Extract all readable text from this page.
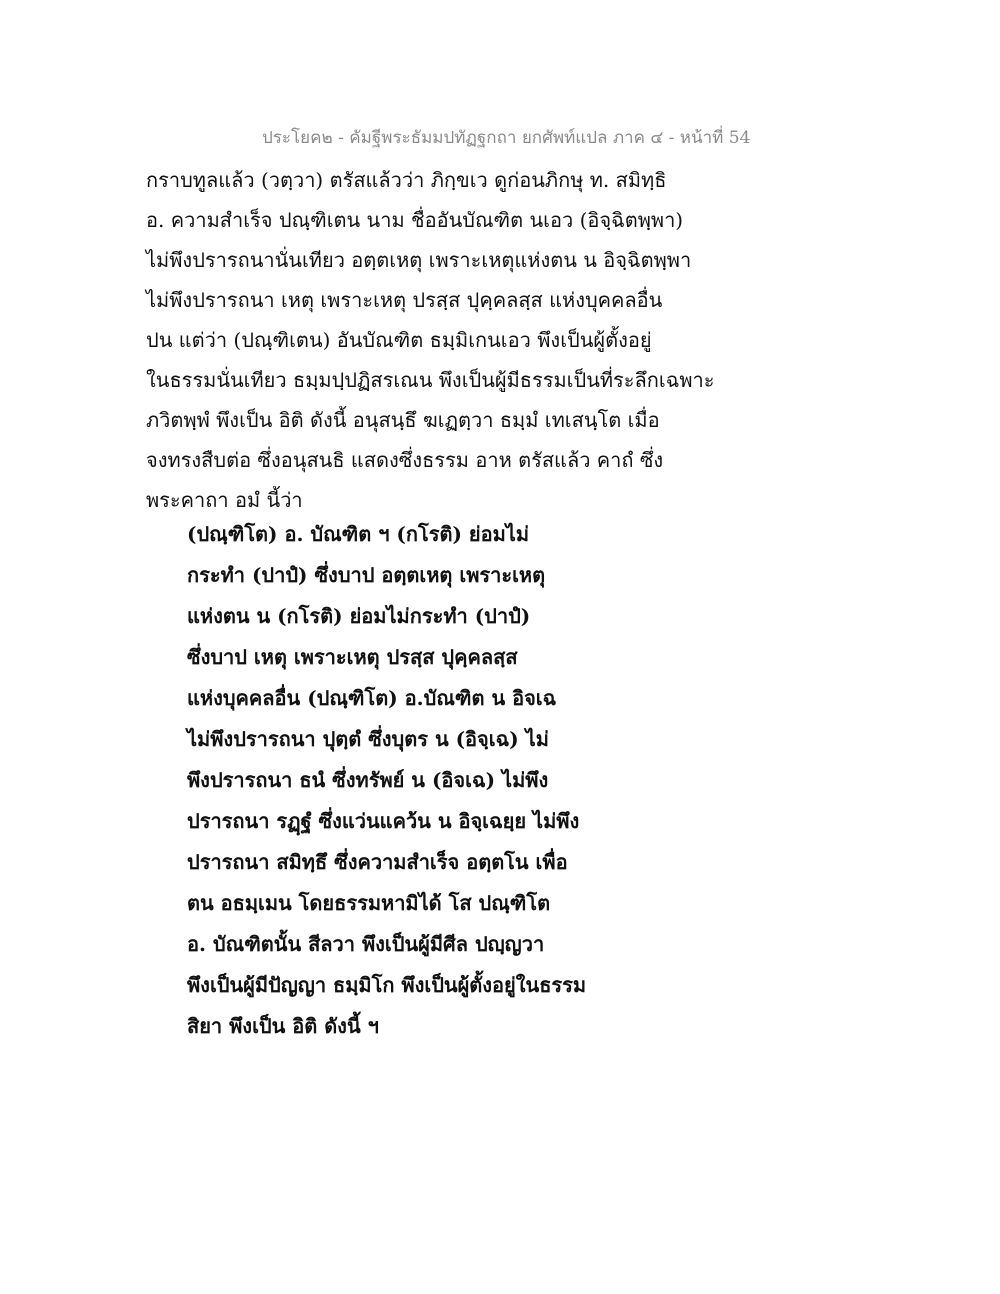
ประโยค๒ - คัมฐีพระธัมมปทัฏฐกถา ยกศัพท์แปล ภาค ๔ - หน้าที่ 54
กราบทูลแล้ว (วตฺวา) ตรัสแล้วว่า ภิกฺขเว ดูก่อนภิกษุ ท. สมิทฺธิ
อ. ความสำเร็จ ปณฺฑิเตน นาม ชื่ออันบัณฑิต นเอว (อิจฺฉิตพฺพา)
ไม่พึงปรารถนานั่นเทียว อตฺตเหตุ เพราะเหตุแห่งตน น อิจฺฉิตพฺพา
ไม่พึงปรารถนา เหตุ เพราะเหตุ ปรสฺส ปุคฺคลสฺส แห่งบุคคลอื่น
ปน แต่ว่า (ปณฺฑิเตน) อันบัณฑิต ธมฺมิเกนเอว พึงเป็นผู้ตั้งอยู่
ในธรรมนั่นเทียว ธมฺมปฺปฏิสรเณน พึงเป็นผู้มีธรรมเป็นที่ระลึกเฉพาะ
ภวิตพฺพํ พึงเป็น อิติ ดังนี้ อนุสนฺธึ ฆเฏตฺวา ธมฺมํ เทเสนฺโต เมื่อ
จงทรงสืบต่อ ซึ่งอนุสนธิ แสดงซึ่งธรรม อาห ตรัสแล้ว คาถํ ซึ่ง
พระคาถา อมํ นี้ว่า
(ปณฺฑิโต) อ. บัณฑิต ฯ (กโรติ) ย่อมไม่
กระทำ (ปาปํ) ซึ่งบาป อตฺตเหตุ เพราะเหตุ
แห่งตน น (กโรติ) ย่อมไม่กระทำ (ปาปํ)
ซึ่งบาป เหตุ เพราะเหตุ ปรสฺส ปุคฺคลสฺส
แห่งบุคคลอื่น (ปณฺฑิโต) อ.บัณฑิต น อิจเฉ
ไม่พึงปรารถนา ปุตฺตํ ซึ่งบุตร น (อิจฺเฉ) ไม่
พึงปรารถนา ธนํ ซึ่งทรัพย์ น (อิจเฉ) ไม่พึง
ปรารถนา รฏฺฐํ ซึ่งแว่นแคว้น น อิจฺเฉยฺย ไม่พึง
ปรารถนา สมิทฺธึ ซึ่งความสำเร็จ อตฺตโน เพื่อ
ตน อธมฺเมน โดยธรรมหามิได้ โส ปณฺฑิโต
อ. บัณฑิตนั้น สีลวา พึงเป็นผู้มีศีล ปญฺญวา
พึงเป็นผู้มีปัญญา ธมฺมิโก พึงเป็นผู้ตั้งอยู่ในธรรม
สิยา พึงเป็น อิติ ดังนี้ ฯ
